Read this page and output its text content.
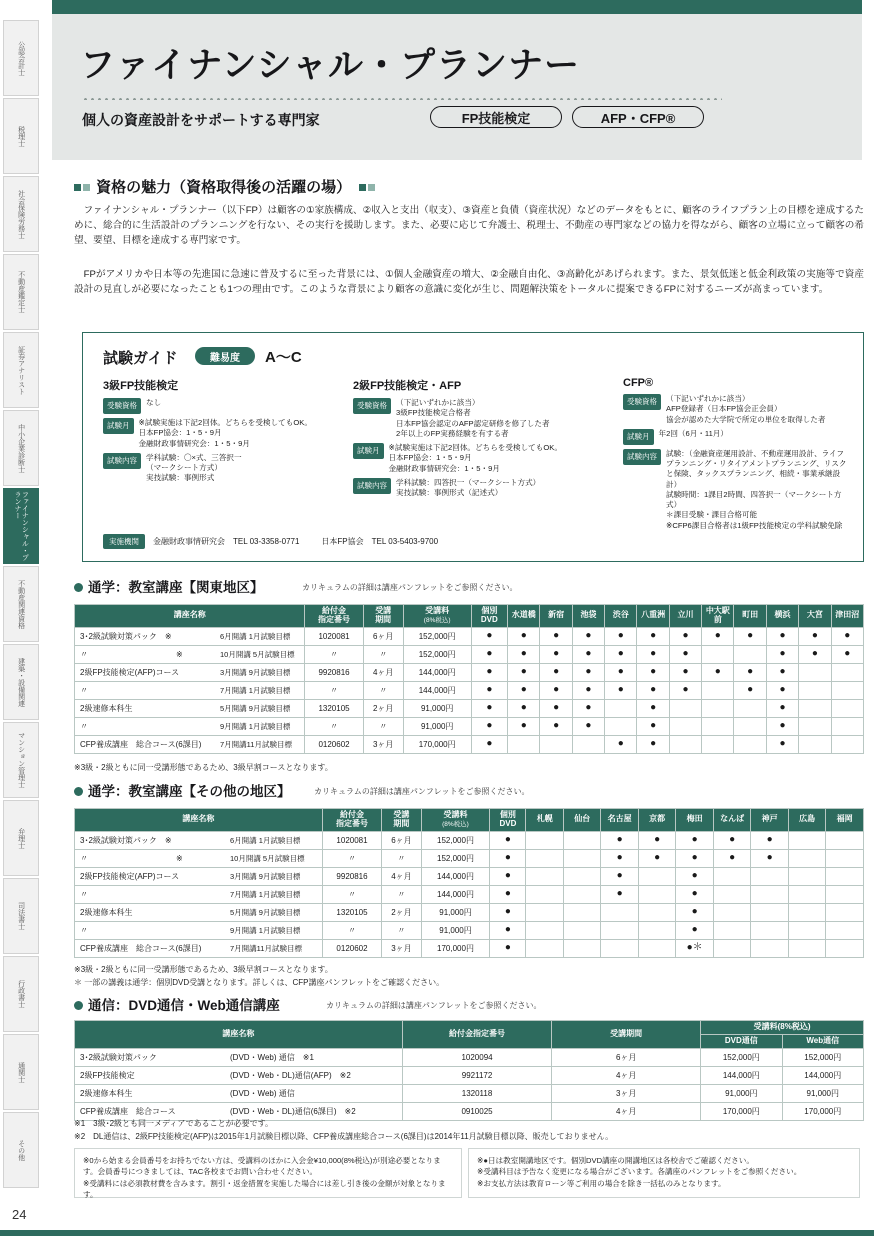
公認会計士
税理士
社会保険労務士
不動産鑑定士
証券アナリスト
中小企業診断士
ファイナンシャル・プランナー
不動産関連資格
建築・設備関連
マンション管理士
弁理士
司法書士
行政書士
通関士
その他
ファイナンシャル・プランナー
個人の資産設計をサポートする専門家	FP技能検定	AFP・CFP®
資格の魅力（資格取得後の活躍の場）
　ファイナンシャル・プランナー（以下FP）は顧客の①家族構成、②収入と支出（収支）、③資産と負債（資産状況）などのデータをもとに、顧客のライフプラン上の目標を達成するために、総合的に生活設計のプランニングを行ない、その実行を援助します。また、必要に応じて弁護士、税理士、不動産の専門家などの協力を得ながら、顧客の立場に立って顧客の希望、要望、目標を達成する専門家です。
　FPがアメリカや日本等の先進国に急速に普及するに至った背景には、①個人金融資産の増大、②金融自由化、③高齢化があげられます。また、景気低迷と低金利政策の実施等で資産設計の見直しが必要になったことも1つの理由です。このような背景により顧客の意識に変化が生じ、問題解決策をトータルに提案できるFPに対するニーズが高まっています。
試験ガイド	難易度	A〜C
3級FP技能検定
受験資格	なし
試験月	※試験実施は下記2回体。どちらを受検してもOK。
日本FP協会：1・5・9月
金融財政事情研究会：1・5・9月
試験内容	学科試験：〇×式、三答択一
（マークシート方式）
実技試験：事例形式
2級FP技能検定・AFP
受験資格	（下記いずれかに該当）
3級FP技能検定合格者
日本FP協会認定のAFP認定研修を修了した者
2年以上のFP実務経験を有する者
試験月	※試験実施は下記2回体。どちらを受検してもOK。
日本FP協会：1・5・9月
金融財政事情研究会：1・5・9月
試験内容	学科試験：四答択一（マークシート方式）
実技試験：事例形式（記述式）
CFP®
受験資格	（下記いずれかに該当）
AFP登録者（日本FP協会正会員）
協会が認めた大学院で所定の単位を取得した者
試験月	年2回（6月・11月）
試験内容	試験：（金融資産運用設計、不動産運用設計、ライフプランニング・リタイアメントプランニング、リスクと保険、タックスプランニング、相続・事業承継設計）
試験時間：1課目2時間、四答択一（マークシート方式）
＊課目受験・課目合格可能
※CFP6課目合格者は1級FP技能検定の学科試験免除
実施機関	金融財政事情研究会　TEL 03-3358-0771	日本FP協会　TEL 03-5403-9700
通学：教室講座【関東地区】	カリキュラムの詳細は講座パンフレットをご参照ください。
講座名称	給付金
指定番号	受講
期間	受講料
(8%税込)	個別
DVD	水道橋	新宿	池袋	渋谷	八重洲	立川	中大駅前	町田	横浜	大宮	津田沼
3･2級試験対策パック　※ 6月開講 1月試験目標	1020081	6ヶ月	152,000円	●	●	●	●	●	●	●	●	●	●	●	●
〃　　　　　　　　　　　※ 10月開講 5月試験目標	〃	〃	152,000円	●	●	●	●	●	●	●			●	●	●
2級FP技能検定(AFP)コース 3月開講 9月試験目標	9920816	4ヶ月	144,000円	●	●	●	●	●	●	●	●	●	●		
〃 7月開講 1月試験目標	〃	〃	144,000円	●	●	●	●	●	●	●		●	●		
2級速修本科生 5月開講 9月試験目標	1320105	2ヶ月	91,000円	●	●	●	●		●				●		
〃 9月開講 1月試験目標	〃	〃	91,000円	●	●	●	●		●				●		
CFP養成講座　総合コース(6課目) 7月開講11月試験目標	0120602	3ヶ月	170,000円	●				●	●				●		
※3級・2級ともに同一受講形態であるため、3級早割コースとなります。
通学：教室講座【その他の地区】	カリキュラムの詳細は講座パンフレットをご参照ください。
講座名称	給付金
指定番号	受講
期間	受講料
(8%税込)	個別
DVD	札幌	仙台	名古屋	京都	梅田	なんば	神戸	広島	福岡
3･2級試験対策パック　※ 6月開講 1月試験目標	1020081	6ヶ月	152,000円	●			●	●	●	●	●		
〃　　　　　　　　　　　※ 10月開講 5月試験目標	〃	〃	152,000円	●			●	●	●	●	●		
2級FP技能検定(AFP)コース 3月開講 9月試験目標	9920816	4ヶ月	144,000円	●			●		●				
〃 7月開講 1月試験目標	〃	〃	144,000円	●			●		●				
2級速修本科生 5月開講 9月試験目標	1320105	2ヶ月	91,000円	●					●				
〃 9月開講 1月試験目標	〃	〃	91,000円	●					●				
CFP養成講座　総合コース(6課目) 7月開講11月試験目標	0120602	3ヶ月	170,000円	●					●＊				
※3級・2級ともに同一受講形態であるため、3級早割コースとなります。
＊ 一部の講義は通学：個別DVD受講となります。詳しくは、CFP講座パンフレットをご確認ください。
通信：DVD通信・Web通信講座	カリキュラムの詳細は講座パンフレットをご参照ください。
講座名称	給付金指定番号	受講期間	受講料(8%税込)	
			DVD通信	Web通信
3･2級試験対策パック (DVD・Web) 通信　※1	1020094	6ヶ月	152,000円	152,000円
2級FP技能検定 (DVD・Web・DL)通信(AFP)　※2	9921172	4ヶ月	144,000円	144,000円
2級速修本科生 (DVD・Web) 通信	1320118	3ヶ月	91,000円	91,000円
CFP養成講座　総合コース (DVD・Web・DL)通信(6課目)　※2	0910025	4ヶ月	170,000円	170,000円
※1　3級･2級とも同一メディアであることが必要です。
※2　DL通信は、2級FP技能検定(AFP)は2015年1月試験目標以降、CFP養成講座総合コース(6課目)は2014年11月試験目標以降、販売しておりません。
※0から始まる会員番号をお持ちでない方は、受講料のほかに入会金¥10,000(8%税込)が別途必要となります。会員番号につきましては、TAC各校までお問い合わせください。
※受講料には必須教材費を含みます。割引・返金措置を実施した場合には差し引き後の金額が対象となります。
※●日は教室開講地区です。個別DVD講座の開講地区は各校舎でご確認ください。
※受講科目は予告なく変更になる場合がございます。各講座のパンフレットをご参照ください。
※お支払方法は教育ローン等ご利用の場合を除き一括払のみとなります。
24
